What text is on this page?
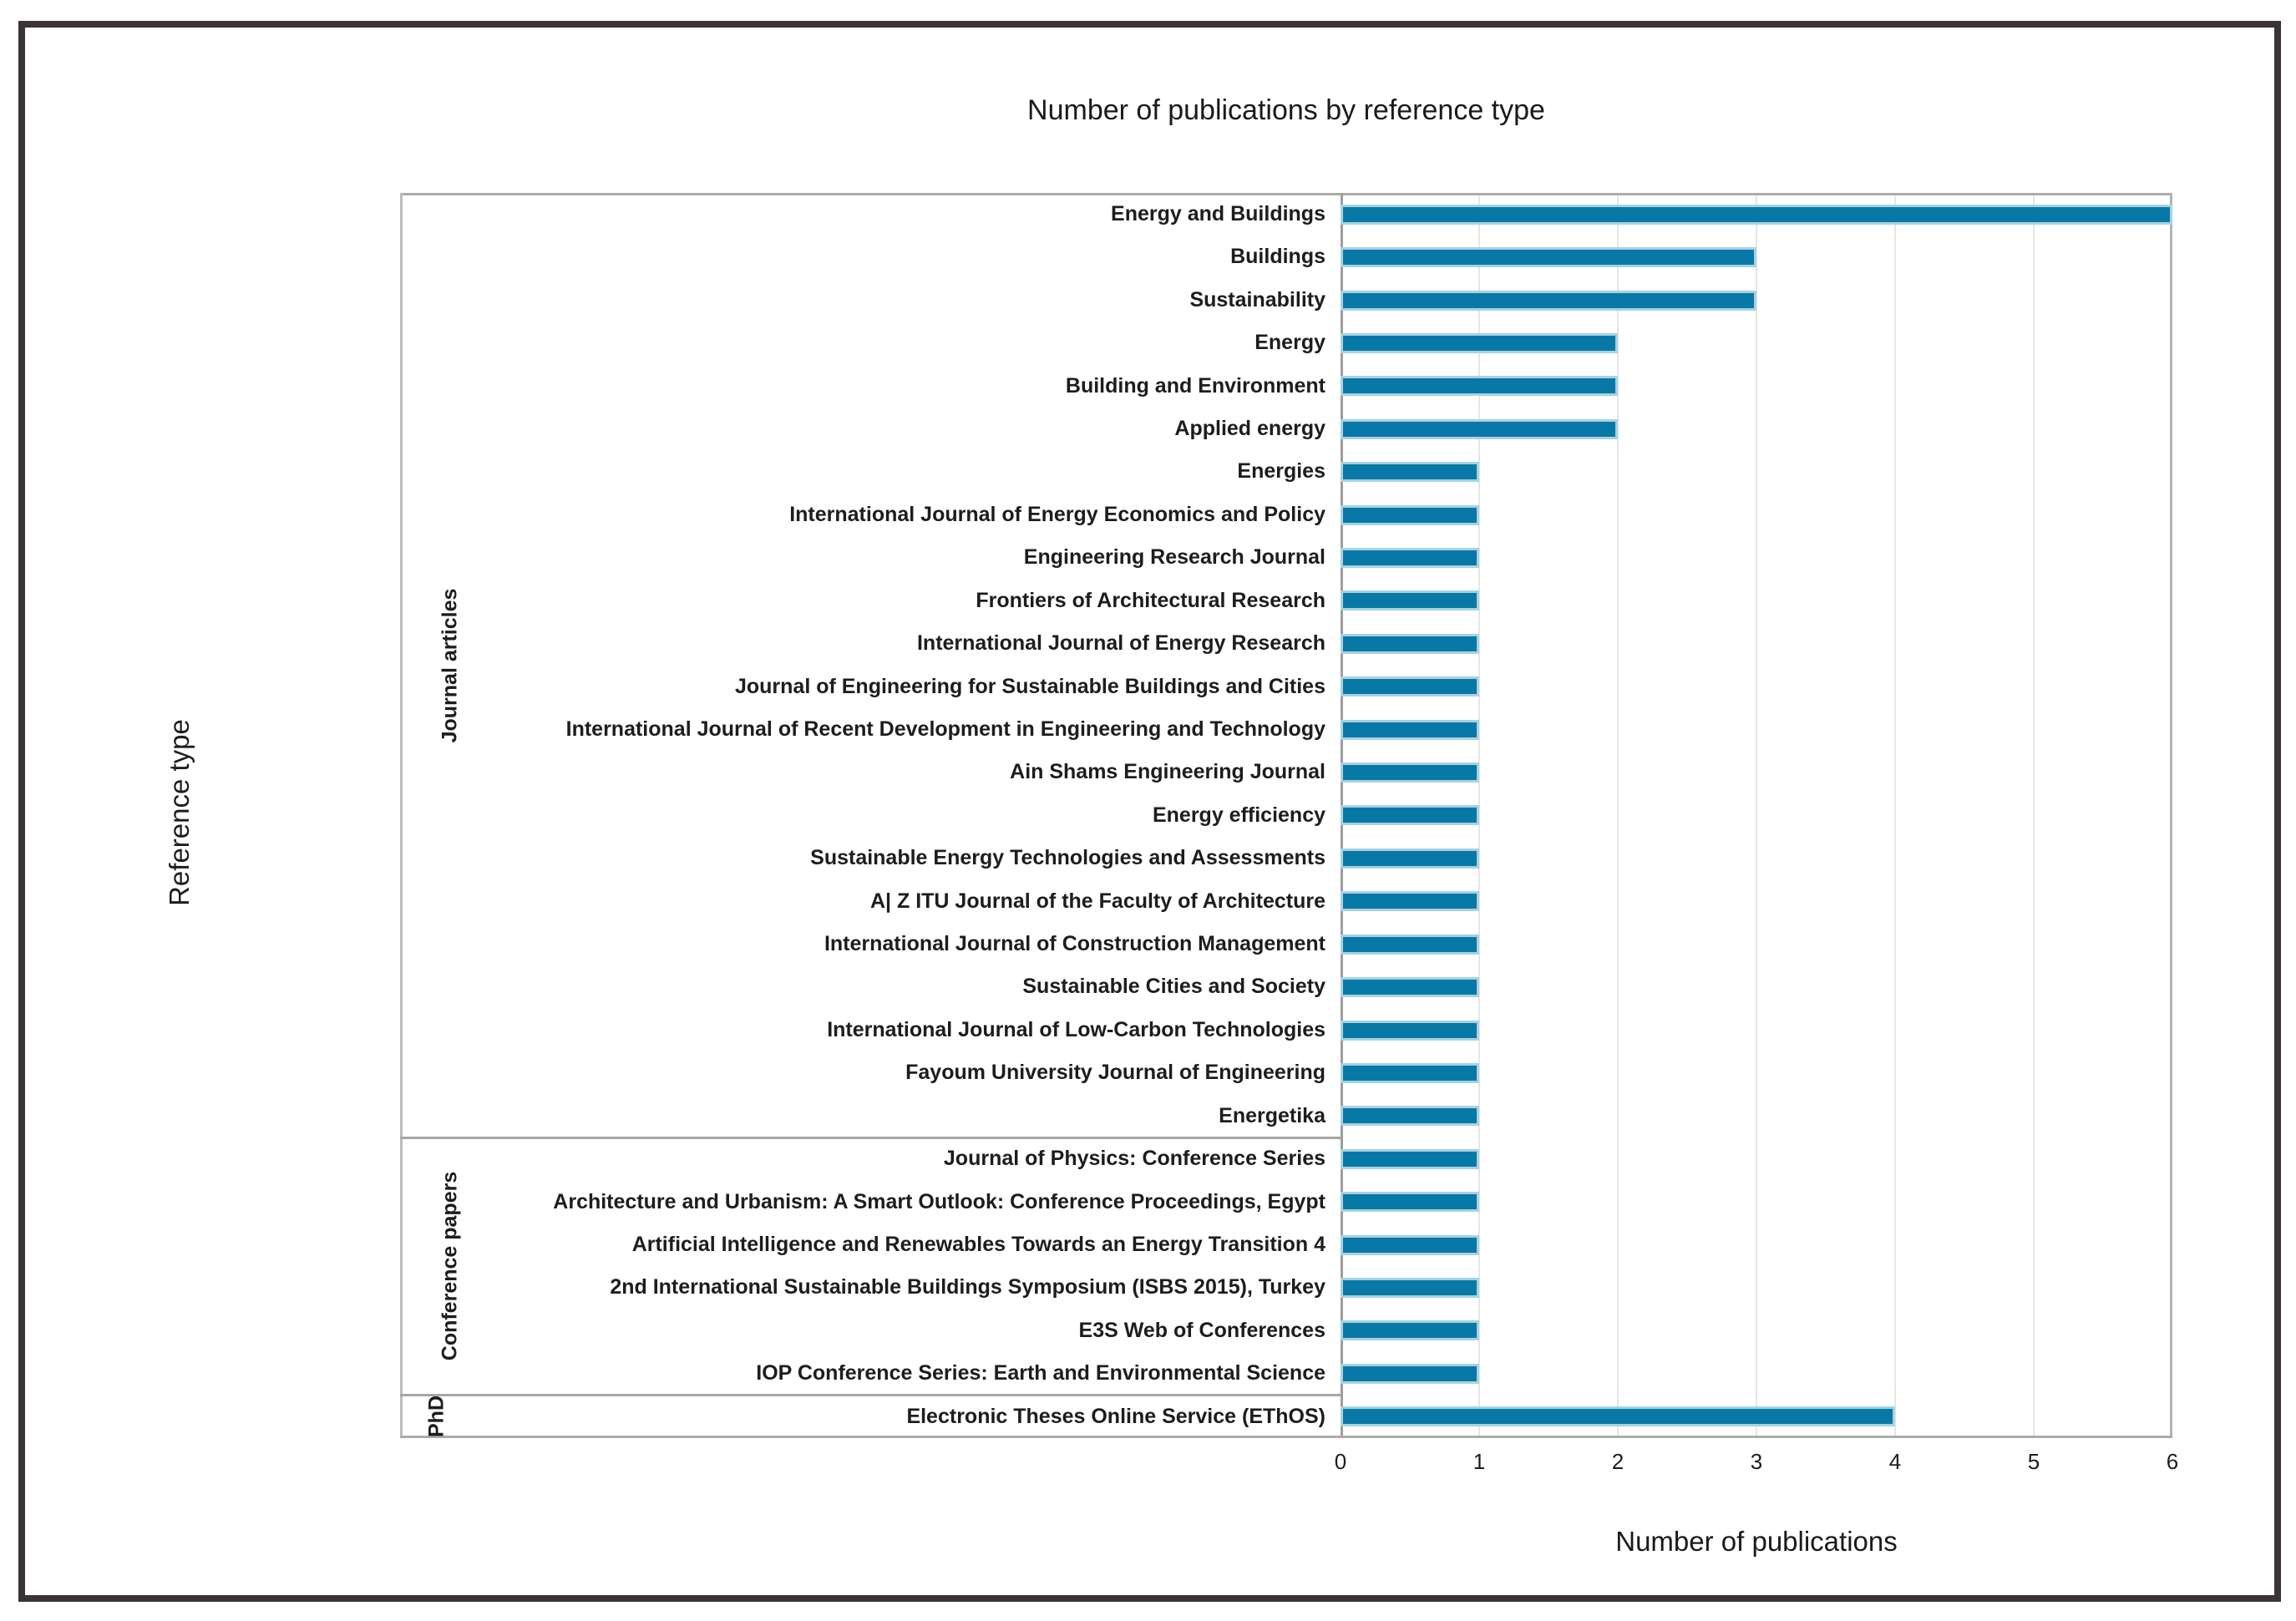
Number of publications by reference type
Reference type
Energy and Buildings
Buildings
Sustainability
Energy
Building and Environment
Applied energy
Energies
International Journal of Energy Economics and Policy
Engineering Research Journal
Frontiers of Architectural Research
International Journal of Energy Research
Journal of Engineering for Sustainable Buildings and Cities
International Journal of Recent Development in Engineering and Technology
Ain Shams Engineering Journal
Energy efficiency
Sustainable Energy Technologies and Assessments
A| Z ITU Journal of the Faculty of Architecture
International Journal of Construction Management
Sustainable Cities and Society
International Journal of Low-Carbon Technologies
Fayoum University Journal of Engineering
Energetika
Journal of Physics: Conference Series
Architecture and Urbanism: A Smart Outlook: Conference Proceedings, Egypt
Artificial Intelligence and Renewables Towards an Energy Transition 4
2nd International Sustainable Buildings Symposium (ISBS 2015), Turkey
E3S Web of Conferences
IOP Conference Series: Earth and Environmental Science
Electronic Theses Online Service (EThOS)
Journal articles
Conference papers
PhD
0	1	2	3	4	5	6
Number of publications
